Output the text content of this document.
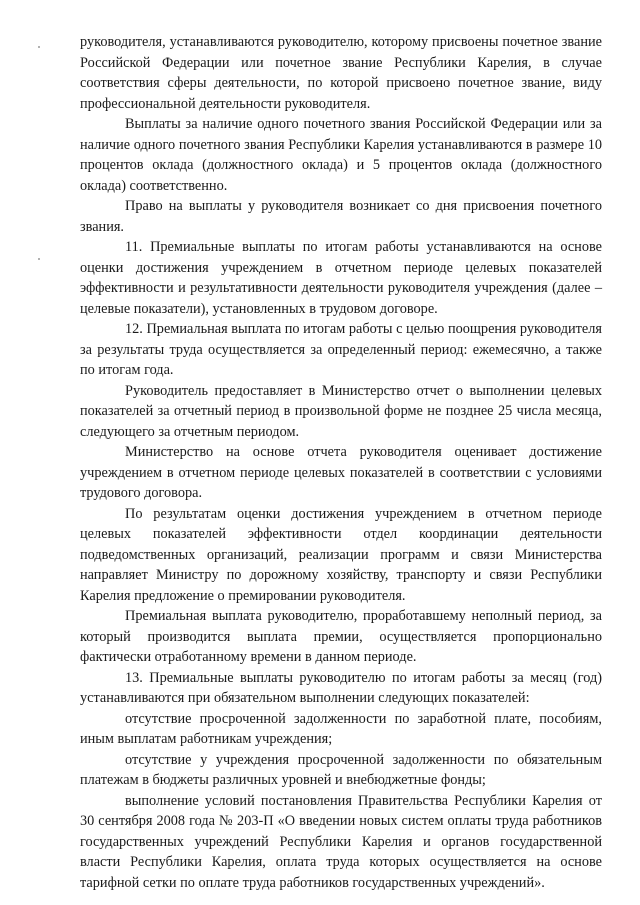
руководителя, устанавливаются руководителю, которому присвоены почетное звание Российской Федерации или почетное звание Республики Карелия, в случае соответствия сферы деятельности, по которой присвоено почетное звание, виду профессиональной деятельности руководителя.

Выплаты за наличие одного почетного звания Российской Федерации или за наличие одного почетного звания Республики Карелия устанавливаются в размере 10 процентов оклада (должностного оклада) и 5 процентов оклада (должностного оклада) соответственно.

Право на выплаты у руководителя возникает со дня присвоения почетного звания.

11. Премиальные выплаты по итогам работы устанавливаются на основе оценки достижения учреждением в отчетном периоде целевых показателей эффективности и результативности деятельности руководителя учреждения (далее – целевые показатели), установленных в трудовом договоре.

12. Премиальная выплата по итогам работы с целью поощрения руководителя за результаты труда осуществляется за определенный период: ежемесячно, а также по итогам года.

Руководитель предоставляет в Министерство отчет о выполнении целевых показателей за отчетный период в произвольной форме не позднее 25 числа месяца, следующего за отчетным периодом.

Министерство на основе отчета руководителя оценивает достижение учреждением в отчетном периоде целевых показателей в соответствии с условиями трудового договора.

По результатам оценки достижения учреждением в отчетном периоде целевых показателей эффективности отдел координации деятельности подведомственных организаций, реализации программ и связи Министерства направляет Министру по дорожному хозяйству, транспорту и связи Республики Карелия предложение о премировании руководителя.

Премиальная выплата руководителю, проработавшему неполный период, за который производится выплата премии, осуществляется пропорционально фактически отработанному времени в данном периоде.

13. Премиальные выплаты руководителю по итогам работы за месяц (год) устанавливаются при обязательном выполнении следующих показателей:

отсутствие просроченной задолженности по заработной плате, пособиям, иным выплатам работникам учреждения;

отсутствие у учреждения просроченной задолженности по обязательным платежам в бюджеты различных уровней и внебюджетные фонды;

выполнение условий постановления Правительства Республики Карелия от 30 сентября 2008 года № 203-П «О введении новых систем оплаты труда работников государственных учреждений Республики Карелия и органов государственной власти Республики Карелия, оплата труда которых осуществляется на основе тарифной сетки по оплате труда работников государственных учреждений».
